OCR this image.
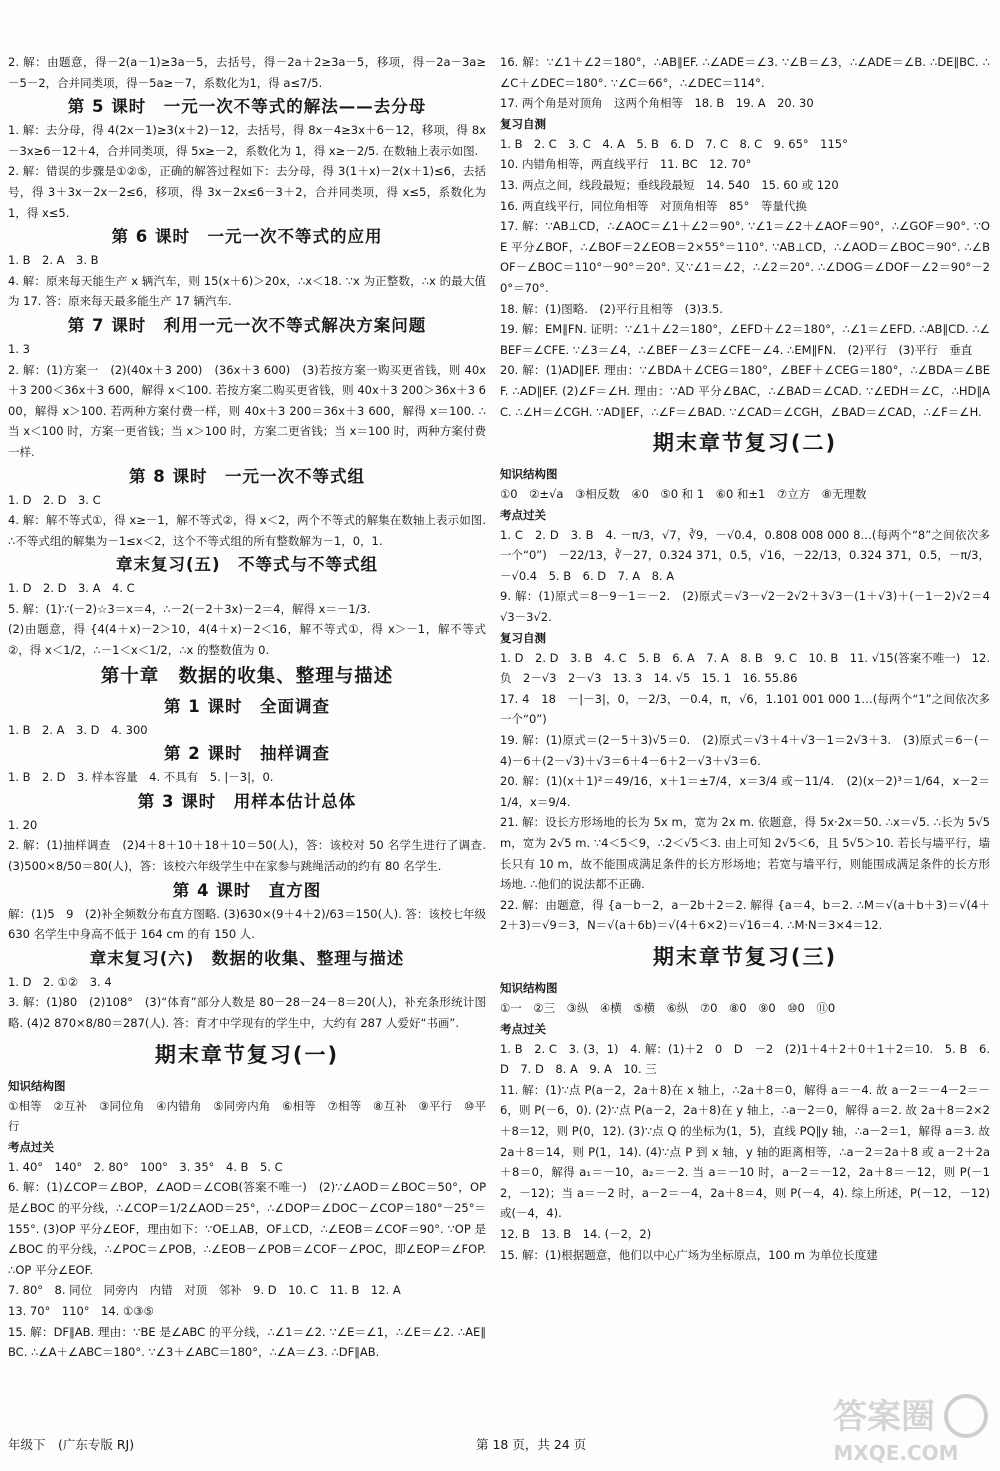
2. 解：由题意，得－2(a－1)≥3a－5，去括号，得－2a＋2≥3a－5，移项，得－2a－3a≥－5－2，合并同类项，得－5a≥－7，系数化为1，得 a≤7/5.
第 5 课时　一元一次不等式的解法——去分母
1. 解：去分母，得 4(2x－1)≥3(x＋2)－12，去括号，得 8x－4≥3x＋6－12，移项，得 8x－3x≥6－12＋4，合并同类项，得 5x≥－2，系数化为 1，得 x≥－2/5. 在数轴上表示如图.
2. 解：错误的步骤是①②⑤，正确的解答过程如下：去分母，得 3(1＋x)－2(x＋1)≤6，去括号，得 3＋3x－2x－2≤6，移项，得 3x－2x≤6－3＋2，合并同类项，得 x≤5，系数化为 1，得 x≤5.
第 6 课时　一元一次不等式的应用
1. B　2. A　3. B
4. 解：原来每天能生产 x 辆汽车，则 15(x＋6)＞20x，∴x＜18. ∵x 为正整数，∴x 的最大值为 17. 答：原来每天最多能生产 17 辆汽车.
第 7 课时　利用一元一次不等式解决方案问题
1. 3
2. 解：(1)方案一　(2)(40x＋3 200)　(36x＋3 600)　(3)若按方案一购买更省钱，则 40x＋3 200＜36x＋3 600，解得 x＜100. 若按方案二购买更省钱，则 40x＋3 200＞36x＋3 600，解得 x＞100. 若两种方案付费一样，则 40x＋3 200＝36x＋3 600，解得 x＝100. ∴当 x＜100 时，方案一更省钱；当 x＞100 时，方案二更省钱；当 x＝100 时，两种方案付费一样.
第 8 课时　一元一次不等式组
1. D　2. D　3. C
4. 解：解不等式①，得 x≥－1，解不等式②，得 x＜2，两个不等式的解集在数轴上表示如图. ∴不等式组的解集为－1≤x＜2，这个不等式组的所有整数解为－1，0，1.
章末复习(五)　不等式与不等式组
1. D　2. D　3. A　4. C
5. 解：(1)∵(－2)☆3＝x＝4，∴－2(－2＋3x)－2＝4，解得 x＝－1/3.
(2)由题意，得 {4(4＋x)－2＞10，4(4＋x)－2＜16，解不等式①，得 x＞－1，解不等式②，得 x＜1/2，∴－1＜x＜1/2，∴x 的整数值为 0.
第十章　数据的收集、整理与描述
第 1 课时　全面调查
1. B　2. A　3. D　4. 300
第 2 课时　抽样调查
1. B　2. D　3. 样本容量　4. 不具有　5. |－3|，0.
第 3 课时　用样本估计总体
1. 20
2. 解：(1)抽样调查　(2)4＋8＋10＋18＋10＝50(人)，答：该校对 50 名学生进行了调查. (3)500×8/50＝80(人)，答：该校六年级学生中在家参与跳绳活动的约有 80 名学生.
第 4 课时　直方图
解：(1)5　9　(2)补全频数分布直方图略. (3)630×(9＋4＋2)/63＝150(人). 答：该校七年级 630 名学生中身高不低于 164 cm 的有 150 人.
章末复习(六)　数据的收集、整理与描述
1. D　2. ①②　3. 4
3. 解：(1)80　(2)108°　(3)“体育”部分人数是 80－28－24－8＝20(人)，补充条形统计图略. (4)2 870×8/80＝287(人). 答：育才中学现有的学生中，大约有 287 人爱好“书画”.
期末章节复习(一)
知识结构图
①相等　②互补　③同位角　④内错角　⑤同旁内角　⑥相等　⑦相等　⑧互补　⑨平行　⑩平行
考点过关
1. 40°　140°　2. 80°　100°　3. 35°　4. B　5. C
6. 解：(1)∠COP＝∠BOP，∠AOD＝∠COB(答案不唯一)　(2)∵∠AOD＝∠BOC＝50°，OP 是∠BOC 的平分线，∴∠COP＝1/2∠AOD＝25°，∴∠DOP＝∠DOC－∠COP＝180°－25°＝155°. (3)OP 平分∠EOF，理由如下：∵OE⊥AB，OF⊥CD，∴∠EOB＝∠COF＝90°. ∵OP 是∠BOC 的平分线，∴∠POC＝∠POB，∴∠EOB－∠POB＝∠COF－∠POC，即∠EOP＝∠FOP. ∴OP 平分∠EOF.
7. 80°　8. 同位　同旁内　内错　对顶　邻补　9. D　10. C　11. B　12. A
13. 70°　110°　14. ①③⑤
15. 解：DF∥AB. 理由：∵BE 是∠ABC 的平分线，∴∠1＝∠2. ∵∠E＝∠1，∴∠E＝∠2. ∴AE∥BC. ∴∠A＋∠ABC＝180°. ∵∠3＋∠ABC＝180°，∴∠A＝∠3. ∴DF∥AB.
16. 解：∵∠1＋∠2＝180°，∴AB∥EF. ∴∠ADE＝∠3. ∵∠B＝∠3，∴∠ADE＝∠B. ∴DE∥BC. ∴∠C＋∠DEC＝180°. ∵∠C＝66°，∴∠DEC＝114°.
17. 两个角是对顶角　这两个角相等　18. B　19. A　20. 30
复习自测
1. B　2. C　3. C　4. A　5. B　6. D　7. C　8. C　9. 65°　115°
10. 内错角相等，两直线平行　11. BC　12. 70°
13. 两点之间，线段最短；垂线段最短　14. 540　15. 60 或 120
16. 两直线平行，同位角相等　对顶角相等　85°　等量代换
17. 解：∵AB⊥CD，∴∠AOC＝∠1＋∠2＝90°. ∵∠1＝∠2＋∠AOF＝90°，∴∠GOF＝90°. ∵OE 平分∠BOF，∴∠BOF＝2∠EOB＝2×55°＝110°. ∵AB⊥CD，∴∠AOD＝∠BOC＝90°. ∴∠BOF－∠BOC＝110°－90°＝20°. 又∵∠1＝∠2，∴∠2＝20°. ∴∠DOG＝∠DOF－∠2＝90°－20°＝70°.
18. 解：(1)图略.　(2)平行且相等　(3)3.5.
19. 解：EM∥FN. 证明：∵∠1＋∠2＝180°，∠EFD＋∠2＝180°，∴∠1＝∠EFD. ∴AB∥CD. ∴∠BEF＝∠CFE. ∵∠3＝∠4，∴∠BEF－∠3＝∠CFE－∠4. ∴EM∥FN.　(2)平行　(3)平行　垂直
20. 解：(1)AD∥EF. 理由：∵∠BDA＋∠CEG＝180°，∠BEF＋∠CEG＝180°，∴∠BDA＝∠BEF. ∴AD∥EF. (2)∠F＝∠H. 理由：∵AD 平分∠BAC，∴∠BAD＝∠CAD. ∵∠EDH＝∠C，∴HD∥AC. ∴∠H＝∠CGH. ∵AD∥EF，∴∠F＝∠BAD. ∵∠CAD＝∠CGH，∠BAD＝∠CAD，∴∠F＝∠H.
期末章节复习(二)
知识结构图
①0　②±√a　③相反数　④0　⑤0 和 1　⑥0 和±1　⑦立方　⑧无理数
考点过关
1. C　2. D　3. B　4. －π/3，√7，∛9，－√0.4，0.808 008 000 8…(每两个“8”之间依次多一个“0”)　－22/13，∛－27，0.324 371，0.5，√16，－22/13，0.324 371，0.5，－π/3，－√0.4　5. B　6. D　7. A　8. A
9. 解：(1)原式＝8－9－1＝－2.　(2)原式＝√3－√2－2√2＋3√3－(1＋√3)＋(－1－2)√2＝4√3－3√2.
复习自测
1. D　2. D　3. B　4. C　5. B　6. A　7. A　8. B　9. C　10. B　11. √15(答案不唯一)　12. 负　2－√3　2－√3　13. 3　14. √5　15. 1　16. 55.86
17. 4　18　－|－3|，0，－2/3，－0.4，π，√6，1.101 001 000 1…(每两个“1”之间依次多一个“0”)
19. 解：(1)原式＝(2－5＋3)√5＝0.　(2)原式＝√3＋4＋√3－1＝2√3＋3.　(3)原式＝6－(－4)－6＋(2－√3)＋√3＝6＋4－6＋2－√3＋√3＝6.
20. 解：(1)(x＋1)²＝49/16，x＋1＝±7/4，x＝3/4 或－11/4.　(2)(x－2)³＝1/64，x－2＝1/4，x＝9/4.
21. 解：设长方形场地的长为 5x m，宽为 2x m. 依题意，得 5x·2x＝50. ∴x＝√5. ∴长为 5√5 m，宽为 2√5 m. ∵4＜5＜9，∴2＜√5＜3. 由上可知 2√5＜6，且 5√5＞10. 若长与墙平行，墙长只有 10 m，故不能围成满足条件的长方形场地；若宽与墙平行，则能围成满足条件的长方形场地. ∴他们的说法都不正确.
22. 解：由题意，得 {a－b－2，a－2b＋2＝2. 解得 {a＝4，b＝2. ∴M＝√(a＋b＋3)＝√(4＋2＋3)＝√9＝3，N＝√(a＋6b)＝√(4＋6×2)＝√16＝4. ∴M·N＝3×4＝12.
期末章节复习(三)
知识结构图
①一　②三　③纵　④横　⑤横　⑥纵　⑦0　⑧0　⑨0　⑩0　⑪0
考点过关
1. B　2. C　3. (3，1)　4. 解：(1)＋2　0　D　－2　(2)1＋4＋2＋0＋1＋2＝10.　5. B　6. D　7. D　8. A　9. A　10. 三
11. 解：(1)∵点 P(a－2，2a＋8)在 x 轴上，∴2a＋8＝0，解得 a＝－4. 故 a－2＝－4－2＝－6，则 P(－6，0). (2)∵点 P(a－2，2a＋8)在 y 轴上，∴a－2＝0，解得 a＝2. 故 2a＋8＝2×2＋8＝12，则 P(0，12). (3)∵点 Q 的坐标为(1，5)，直线 PQ∥y 轴，∴a－2＝1，解得 a＝3. 故 2a＋8＝14，则 P(1，14). (4)∵点 P 到 x 轴，y 轴的距离相等，∴a－2＝2a＋8 或 a－2＋2a＋8＝0，解得 a₁＝－10，a₂＝－2. 当 a＝－10 时，a－2＝－12，2a＋8＝－12，则 P(－12，－12)；当 a＝－2 时，a－2＝－4，2a＋8＝4，则 P(－4，4). 综上所述，P(－12，－12)或(－4，4).
12. B　13. B　14. (－2，2)
15. 解：(1)根据题意，他们以中心广场为坐标原点，100 m 为单位长度建
年级下　(广东专版 RJ)	第 18 页，共 24 页
答案圈
MXQE.COM
